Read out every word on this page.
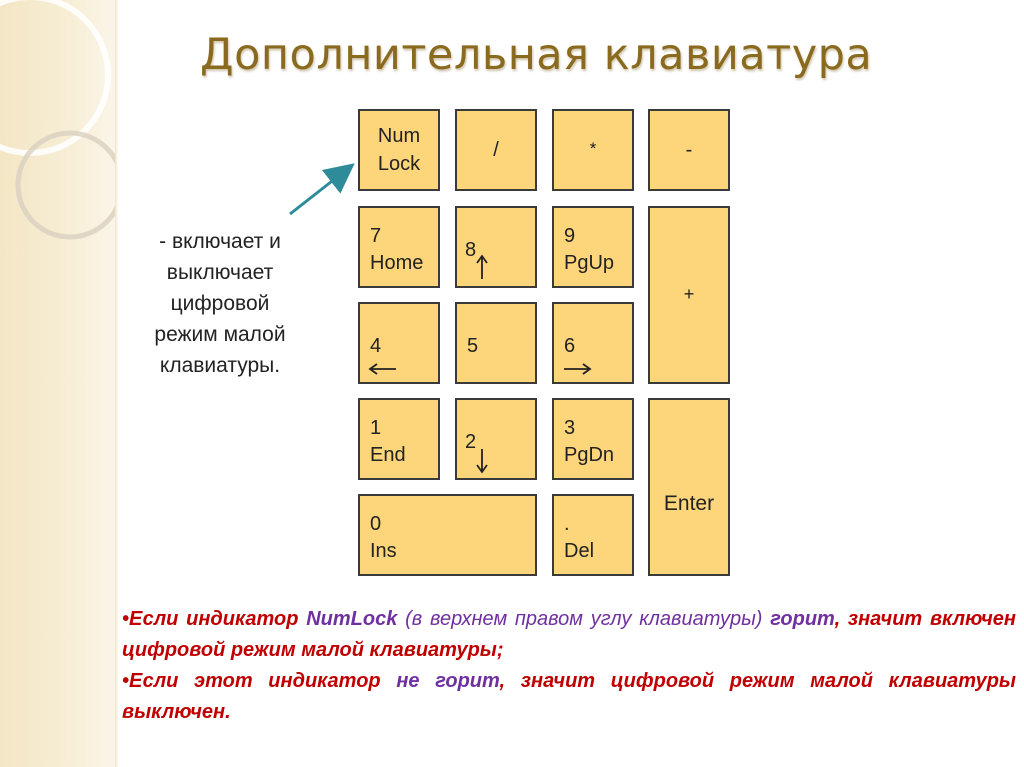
Дополнительная клавиатура
- включает и выключает цифровой режим малой клавиатуры.
Num
Lock
/	*	-
7
Home
8
9
PgUp
+
4	5	6
1
End
2
3
PgDn
Enter
0
Ins
.
Del
•Если индикатор NumLock (в верхнем правом углу клавиатуры) горит, значит включен цифровой режим малой клавиатуры;
•Если этот индикатор не горит, значит цифровой режим малой клавиатуры выключен.
